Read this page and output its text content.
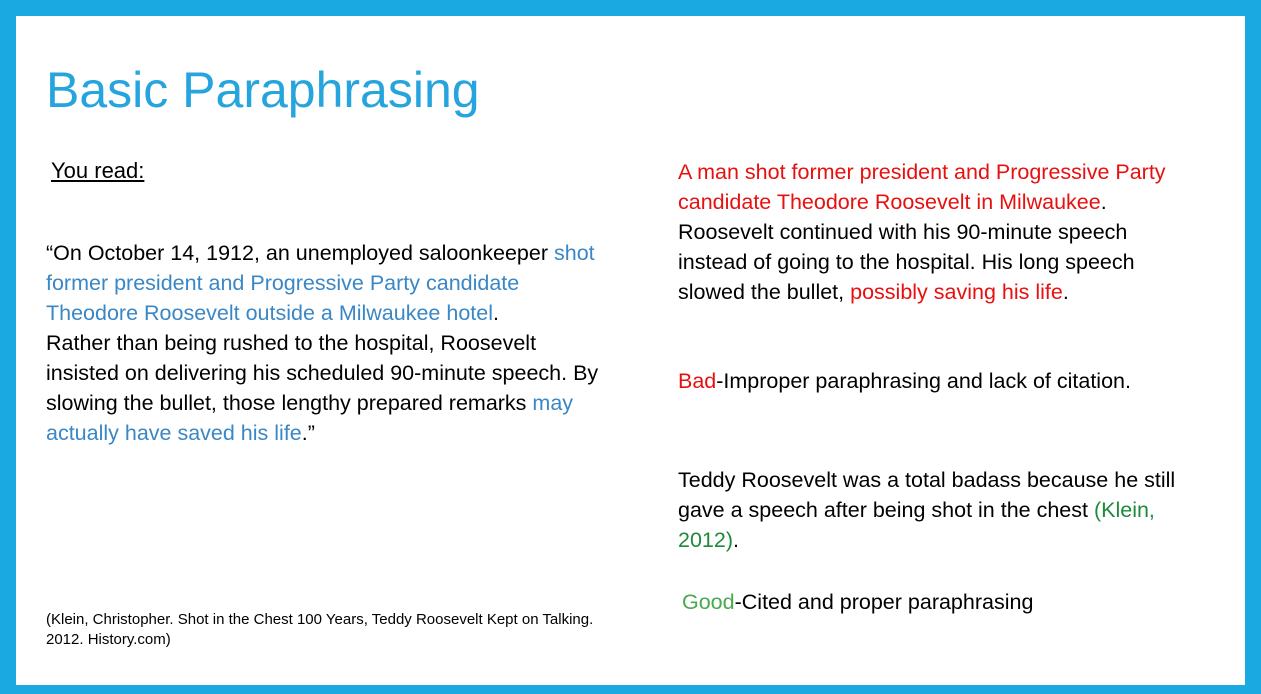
Basic Paraphrasing
You read:
“On October 14, 1912, an unemployed saloonkeeper shot former president and Progressive Party candidate Theodore Roosevelt outside a Milwaukee hotel.
Rather than being rushed to the hospital, Roosevelt insisted on delivering his scheduled 90-minute speech. By slowing the bullet, those lengthy prepared remarks may actually have saved his life.”
(Klein, Christopher. Shot in the Chest 100 Years, Teddy Roosevelt Kept on Talking. 2012. History.com)
A man shot former president and Progressive Party candidate Theodore Roosevelt in Milwaukee. Roosevelt continued with his 90-minute speech instead of going to the hospital. His long speech slowed the bullet, possibly saving his life.
Bad-Improper paraphrasing and lack of citation.
Teddy Roosevelt was a total badass because he still gave a speech after being shot in the chest (Klein, 2012).
Good-Cited and proper paraphrasing
